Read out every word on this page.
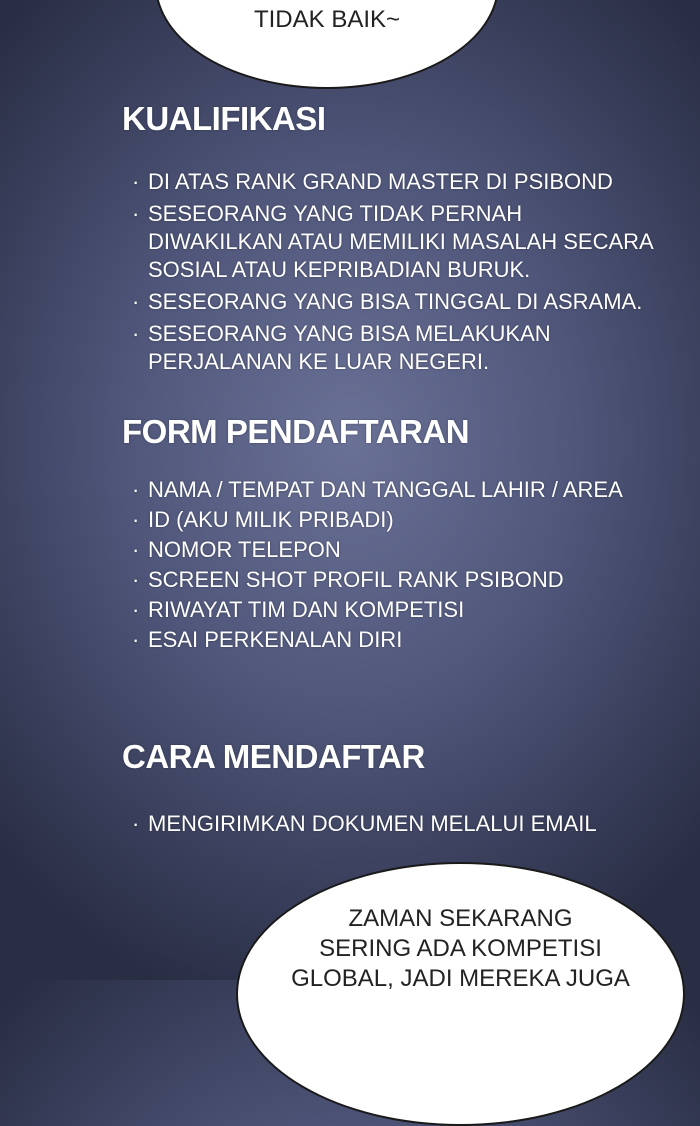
TIDAK BAIK~
KUALIFIKASI
· DI ATAS RANK GRAND MASTER DI PSIBOND
· SESEORANG YANG TIDAK PERNAH DIWAKILKAN ATAU MEMILIKI MASALAH SECARA SOSIAL ATAU KEPRIBADIAN BURUK.
· SESEORANG YANG BISA TINGGAL DI ASRAMA.
· SESEORANG YANG BISA MELAKUKAN PERJALANAN KE LUAR NEGERI.
FORM PENDAFTARAN
· NAMA / TEMPAT DAN TANGGAL LAHIR / AREA
· ID (AKU MILIK PRIBADI)
· NOMOR TELEPON
· SCREEN SHOT PROFIL RANK PSIBOND
· RIWAYAT TIM DAN KOMPETISI
· ESAI PERKENALAN DIRI
CARA MENDAFTAR
· MENGIRIMKAN DOKUMEN MELALUI EMAIL
ZAMAN SEKARANG
SERING ADA KOMPETISI
GLOBAL, JADI MEREKA JUGA
